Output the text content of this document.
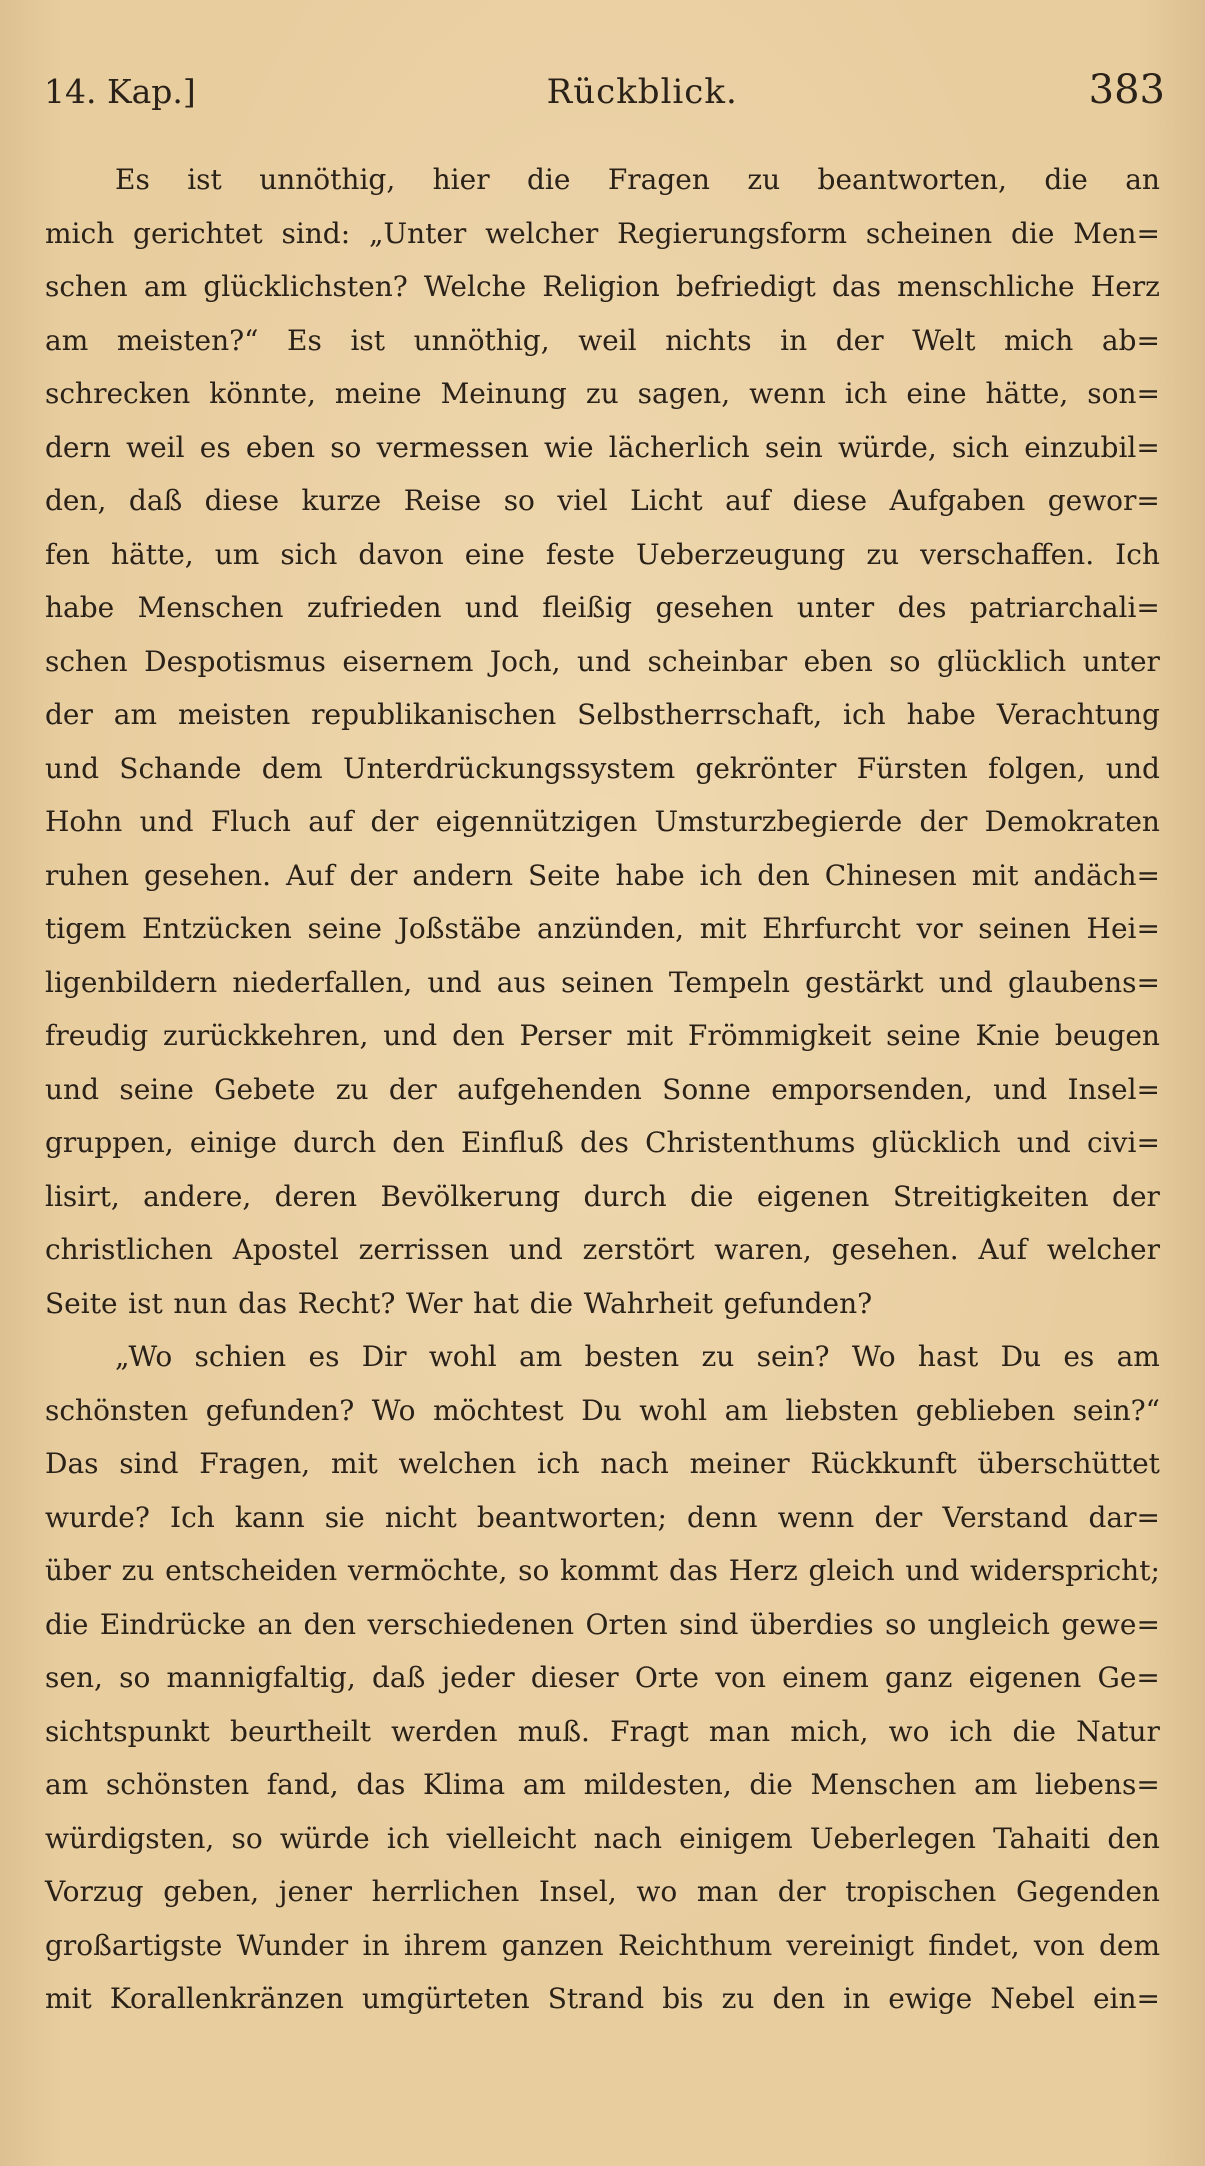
14. Kap.]	Rückblick.	383
Es ist unnöthig, hier die Fragen zu beantworten, die an
mich gerichtet sind: „Unter welcher Regierungsform scheinen die Men=
schen am glücklichsten? Welche Religion befriedigt das menschliche Herz
am meisten?“ Es ist unnöthig, weil nichts in der Welt mich ab=
schrecken könnte, meine Meinung zu sagen, wenn ich eine hätte, son=
dern weil es eben so vermessen wie lächerlich sein würde, sich einzubil=
den, daß diese kurze Reise so viel Licht auf diese Aufgaben gewor=
fen hätte, um sich davon eine feste Ueberzeugung zu verschaffen. Ich
habe Menschen zufrieden und fleißig gesehen unter des patriarchali=
schen Despotismus eisernem Joch, und scheinbar eben so glücklich unter
der am meisten republikanischen Selbstherrschaft, ich habe Verachtung
und Schande dem Unterdrückungssystem gekrönter Fürsten folgen, und
Hohn und Fluch auf der eigennützigen Umsturzbegierde der Demokraten
ruhen gesehen. Auf der andern Seite habe ich den Chinesen mit andäch=
tigem Entzücken seine Joßstäbe anzünden, mit Ehrfurcht vor seinen Hei=
ligenbildern niederfallen, und aus seinen Tempeln gestärkt und glaubens=
freudig zurückkehren, und den Perser mit Frömmigkeit seine Knie beugen
und seine Gebete zu der aufgehenden Sonne emporsenden, und Insel=
gruppen, einige durch den Einfluß des Christenthums glücklich und civi=
lisirt, andere, deren Bevölkerung durch die eigenen Streitigkeiten der
christlichen Apostel zerrissen und zerstört waren, gesehen. Auf welcher
Seite ist nun das Recht? Wer hat die Wahrheit gefunden?
„Wo schien es Dir wohl am besten zu sein? Wo hast Du es am
schönsten gefunden? Wo möchtest Du wohl am liebsten geblieben sein?“
Das sind Fragen, mit welchen ich nach meiner Rückkunft überschüttet
wurde? Ich kann sie nicht beantworten; denn wenn der Verstand dar=
über zu entscheiden vermöchte, so kommt das Herz gleich und widerspricht;
die Eindrücke an den verschiedenen Orten sind überdies so ungleich gewe=
sen, so mannigfaltig, daß jeder dieser Orte von einem ganz eigenen Ge=
sichtspunkt beurtheilt werden muß. Fragt man mich, wo ich die Natur
am schönsten fand, das Klima am mildesten, die Menschen am liebens=
würdigsten, so würde ich vielleicht nach einigem Ueberlegen Tahaiti den
Vorzug geben, jener herrlichen Insel, wo man der tropischen Gegenden
großartigste Wunder in ihrem ganzen Reichthum vereinigt findet, von dem
mit Korallenkränzen umgürteten Strand bis zu den in ewige Nebel ein=
